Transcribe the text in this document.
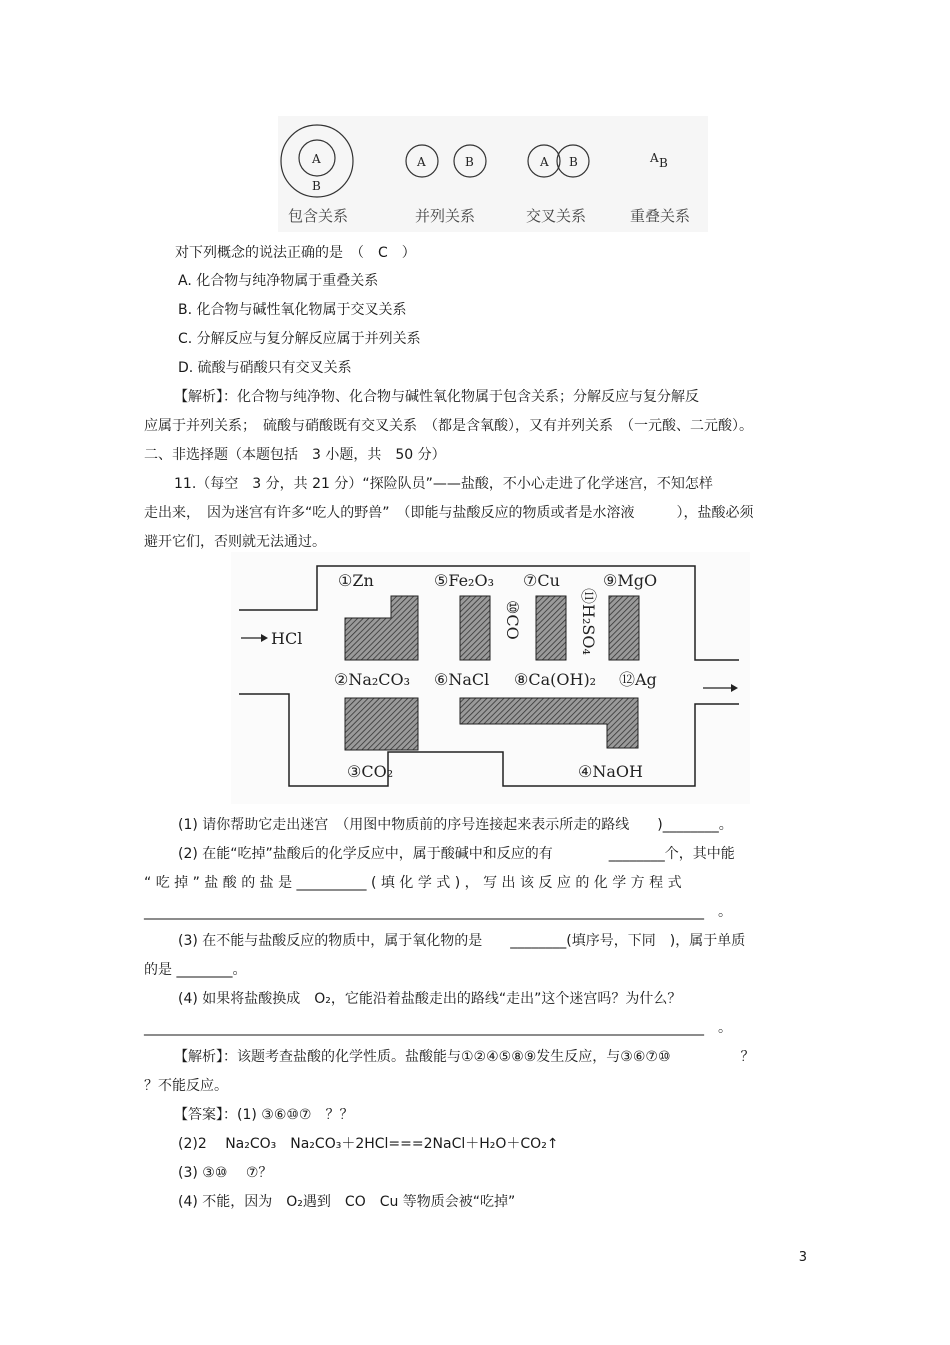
A
B
A	B	A B	A B
包含关系	并列关系	交叉关系	重叠关系
对下列概念的说法正确的是　（　C　）
A. 化合物与纯净物属于重叠关系
B. 化合物与碱性氧化物属于交叉关系
C. 分解反应与复分解反应属于并列关系
D. 硫酸与硝酸只有交叉关系
【解析】：化合物与纯净物、化合物与碱性氧化物属于包含关系；分解反应与复分解反
应属于并列关系；　硫酸与硝酸既有交叉关系　（都是含氧酸），又有并列关系　（一元酸、二元酸）。
二、非选择题（本题包括　3 小题，共　50 分）
11.（每空　3 分，共 21 分）“探险队员”——盐酸，不小心走进了化学迷宫，不知怎样
走出来，　因为迷宫有许多“吃人的野兽”　（即能与盐酸反应的物质或者是水溶液　　　），盐酸必须
避开它们，否则就无法通过。
HCl
①Zn	⑤Fe₂O₃ ⑦Cu	⑨MgO
⑩CO	⑪H₂SO₄
②Na₂CO₃ ⑥NaCl ⑧Ca(OH)₂ ⑫Ag
③CO₂	④NaOH
(1) 请你帮助它走出迷宫　（用图中物质前的序号连接起来表示所走的路线　　)________。
(2) 在能“吃掉”盐酸后的化学反应中，属于酸碱中和反应的有　　　　________个，其中能
“ 吃 掉 ” 盐 酸 的 盐 是 __________ ( 填 化 学 式 ) ， 写 出 该 反 应 的 化 学 方 程 式
________________________________________________________________________________　。
(3) 在不能与盐酸反应的物质中，属于氧化物的是　　________(填序号，下同　)，属于单质
的是 ________。
(4) 如果将盐酸换成　O₂，它能沿着盐酸走出的路线“走出”这个迷宫吗？为什么？
________________________________________________________________________________　。
【解析】：该题考查盐酸的化学性质。盐酸能与①②④⑤⑧⑨发生反应，与③⑥⑦⑩　　　　　？
？不能反应。
【答案】：(1) ③⑥⑩⑦　？？
(2)2　 Na₂CO₃　Na₂CO₃＋2HCl===2NaCl＋H₂O＋CO₂↑
(3) ③⑩　 ⑦？
(4) 不能，因为　O₂遇到　CO　Cu 等物质会被“吃掉”
3
